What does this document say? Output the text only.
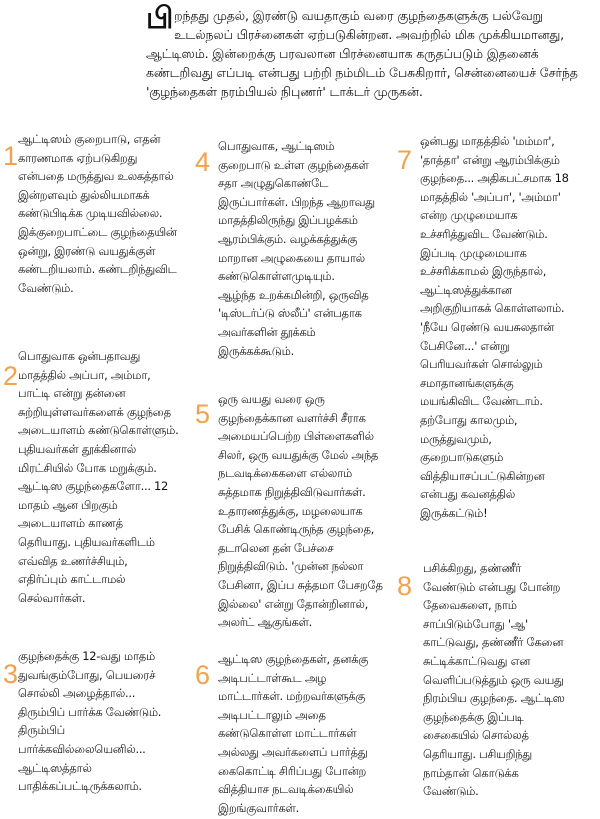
பிறந்தது முதல், இரண்டு வயதாகும் வரை குழந்தைகளுக்கு பல்வேறு உடல்நலப் பிரச்னைகள் ஏற்படுகின்றன. அவற்றில் மிக முக்கியமானது, ஆட்டிஸம். இன்றைக்கு பரவலான பிரச்னையாக கருதப்படும் இதனைக் கண்டறிவது எப்படி என்பது பற்றி நம்மிடம் பேசுகிறார், சென்னையைச் சேர்ந்த 'குழந்தைகள் நரம்பியல் நிபுணர்' டாக்டர் முருகன்.
1
ஆட்டிஸம் குறைபாடு, எதன்
காரணமாக ஏற்படுகிறது
என்பதை மருத்துவ உலகத்தால்
இன்றளவும் துல்லியமாகக்
கண்டுபிடிக்க முடியவில்லை.
இக்குறைபாட்டை குழந்தையின்
ஒன்று, இரண்டு வயதுக்குள்
கண்டறியலாம். கண்டறிந்துவிட
வேண்டும்.
2
பொதுவாக ஒன்பதாவது
மாதத்தில் அப்பா, அம்மா,
பாட்டி என்று தன்னை
சுற்றியுள்ளவர்களைக் குழந்தை
அடையாளம் கண்டுகொள்ளும்.
புதியவர்கள் தூக்கினால்
மிரட்சியில் போக மறுக்கும்.
ஆட்டிஸ குழந்தைகளோ... 12
மாதம் ஆன பிறகும்
அடையாளம் காணத்
தெரியாது. புதியவர்களிடம்
எவ்வித உணர்ச்சியும்,
எதிர்ப்பும் காட்டாமல்
செல்வார்கள்.
3
குழந்தைக்கு 12-வது மாதம்
துவங்கும்போது, பெயரைச்
சொல்லி அழைத்தால்...
திரும்பிப் பார்க்க வேண்டும்.
திரும்பிப்
பார்க்கவில்லையெனில்...
ஆட்டிஸத்தால்
பாதிக்கப்பட்டிருக்கலாம்.
4
பொதுவாக, ஆட்டிஸம்
குறைபாடு உள்ள குழந்தைகள்
சதா அழுதுகொண்டே
இருப்பார்கள். பிறந்த ஆறாவது
மாதத்திலிருந்து இப்பழக்கம்
ஆரம்பிக்கும். வழக்கத்துக்கு
மாறான அழுகையை தாயால்
கண்டுகொள்ளமுடியும்.
ஆழ்ந்த உறக்கமின்றி, ஒருவித
'டிஸ்டர்ப்டு ஸ்லீப்' என்பதாக
அவர்களின் தூக்கம்
இருக்கக்கூடும்.
5 ஒரு வயது வரை ஒரு
குழந்தைக்கான வளர்ச்சி சீராக
அமையப்பெற்ற பிள்ளைகளில்
சிலர், ஒரு வயதுக்கு மேல் அந்த
நடவடிக்கைகளை எல்லாம்
சுத்தமாக நிறுத்திவிடுவார்கள்.
உதாரணத்துக்கு, மழலையாக
பேசிக் கொண்டிருந்த குழந்தை,
தடாலென தன் பேச்சை
நிறுத்திவிடும். 'முன்ன நல்லா
பேசினா, இப்ப சுத்தமா பேசறதே
இல்லை' என்று தோன்றினால்,
அலர்ட் ஆகுங்கள்.
6
ஆட்டிஸ குழந்தைகள், தனக்கு
அடிபட்டாள்கூட அழ
மாட்டார்கள். மற்றவர்களுக்கு
அடிபட்டாலும் அதை
கண்டுகொள்ள மாட்டார்கள்
அல்லது அவர்களைப் பார்த்து
கைகொட்டி சிரிப்பது போன்ற
வித்தியாச நடவடிக்கையில்
இறங்குவார்கள்.
7
ஒன்பது மாதத்தில் 'மம்மா',
'தாத்தா' என்று ஆரம்பிக்கும்
குழந்தை... அதிகபட்சமாக 18
மாதத்தில் 'அப்பா', 'அம்மா'
என்ற முழுமையாக
உச்சரித்துவிட வேண்டும்.
இப்படி முழுமையாக
உச்சரிக்காமல் இருந்தால்,
ஆட்டிஸத்துக்கான
அறிகுறியாகக் கொள்ளலாம்.
'நீயே ரெண்டு வயசுலதான்
பேசினே...' என்று
பெரியவர்கள் சொல்லும்
சமாதானங்களுக்கு
மயங்கிவிட வேண்டாம்.
தற்போது காலமும்,
மருத்துவமும்,
குறைபாடுகளும்
வித்தியாசப்பட்டுகின்றன
என்பது கவனத்தில்
இருக்கட்டும்!
8
பசிக்கிறது, தண்ணீர்
வேண்டும் என்பது போன்ற
தேவைகளை, நாம்
சாப்பிடும்போது 'ஆ'
காட்டுவது, தண்ணீர் கேனை
சுட்டிக்காட்டுவது என
வெளிப்படுத்தும் ஒரு வயது
நிரம்பிய குழந்தை. ஆட்டிஸ
குழந்தைக்கு இப்படி
சைகையில் சொல்லத்
தெரியாது. பசியறிந்து
நாம்தான் கொடுக்க
வேண்டும்.
